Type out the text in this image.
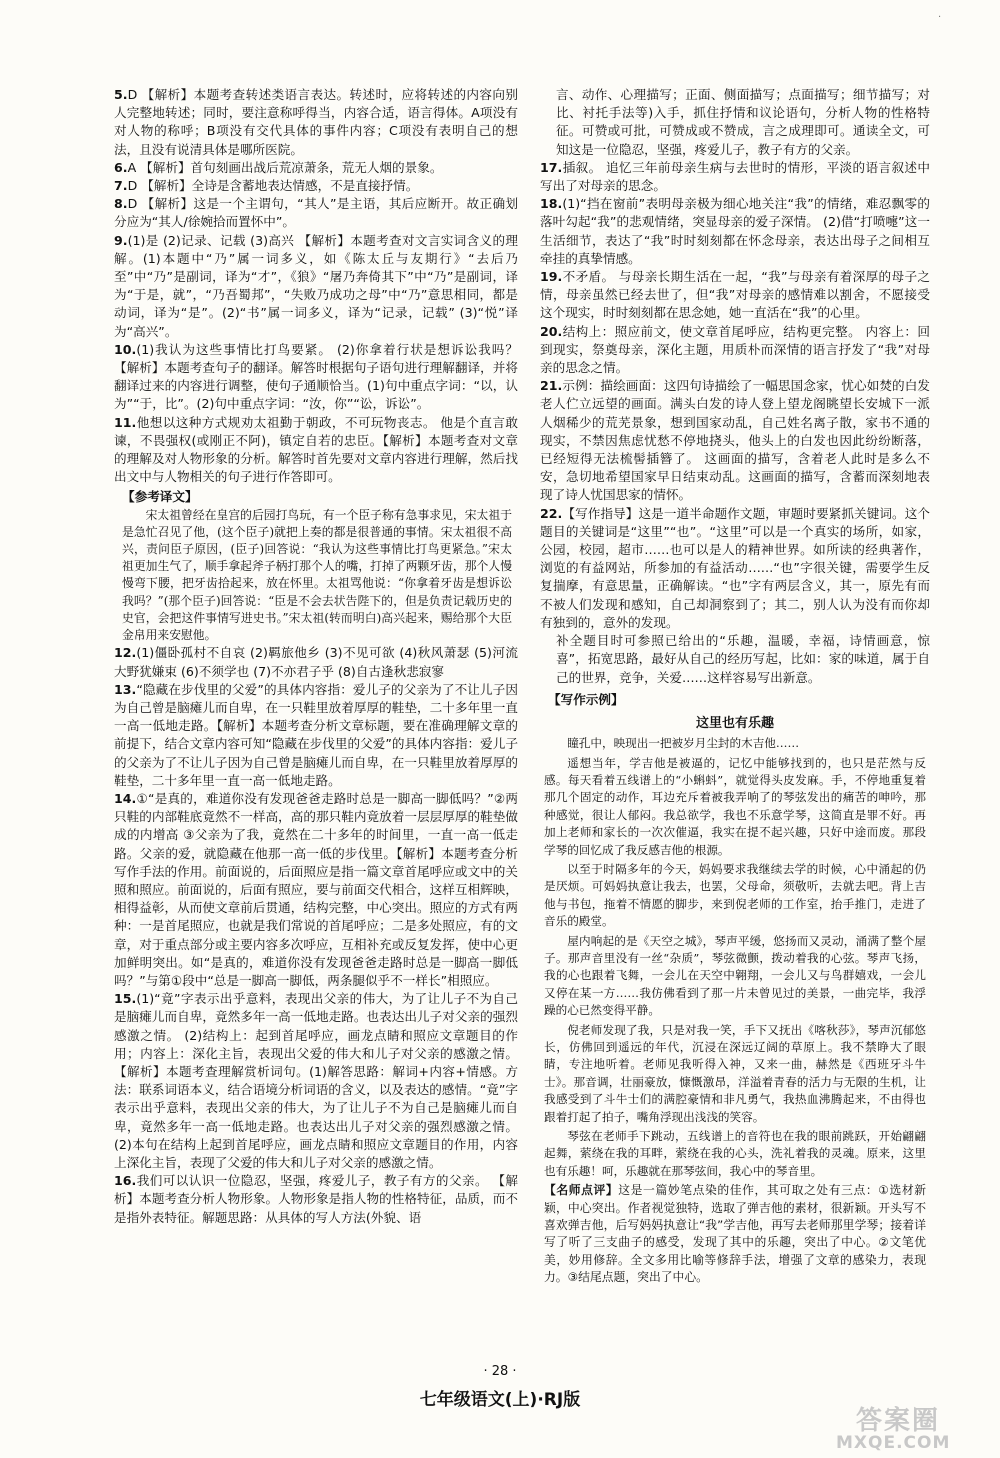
·
5.D 【解析】本题考查转述类语言表达。转述时，应将转述的内容向别人完整地转述；同时，要注意称呼得当，内容合适，语言得体。A项没有对人物的称呼；B项没有交代具体的事件内容；C项没有表明自己的想法，且没有说清具体是哪所医院。
6.A 【解析】首句刻画出战后荒凉萧条，荒无人烟的景象。
7.D 【解析】全诗是含蓄地表达情感，不是直接抒情。
8.D 【解析】这是一个主谓句，“其人”是主语，其后应断开。故正确划分应为“其人/徐婉拾而置怀中”。
9.(1)是 (2)记录、记载 (3)高兴 【解析】本题考查对文言实词含义的理解。(1)本题中“乃”属一词多义，如《陈太丘与友期行》“去后乃至”中“乃”是副词，译为“才”，《狼》“屠乃奔倚其下”中“乃”是副词，译为“于是，就”，“乃吾蜀邦”，“失败乃成功之母”中“乃”意思相同，都是动词，译为“是”。(2)“书”属一词多义，译为“记录，记载” (3)“悦”译为“高兴”。
10.(1)我认为这些事情比打鸟要紧。 (2)你拿着行状是想诉讼我吗？ 【解析】本题考查句子的翻译。解答时根据句子语句进行理解翻译，并将翻译过来的内容进行调整，使句子通顺恰当。(1)句中重点字词：“以，认为”“于，比”。(2)句中重点字词：“汝，你”“讼，诉讼”。
11.他想以这种方式规劝太祖勤于朝政，不可玩物丧志。 他是个直言敢谏，不畏强权(或刚正不阿)，镇定自若的忠臣。【解析】本题考查对文章的理解及对人物形象的分析。解答时首先要对文章内容进行理解，然后找出文中与人物相关的句子进行作答即可。
【参考译文】
宋太祖曾经在皇宫的后园打鸟玩，有一个臣子称有急事求见，宋太祖于是急忙召见了他，(这个臣子)就把上奏的都是很普通的事情。宋太祖很不高兴，责问臣子原因，(臣子)回答说：“我认为这些事情比打鸟更紧急。”宋太祖更加生气了，顺手拿起斧子柄打那个人的嘴，打掉了两颗牙齿，那个人慢慢弯下腰，把牙齿拾起来，放在怀里。太祖骂他说：“你拿着牙齿是想诉讼我吗？”(那个臣子)回答说：“臣是不会去状告陛下的，但是负责记载历史的史官，会把这件事情写进史书。”宋太祖(转而明白)高兴起来，赐给那个大臣金帛用来安慰他。
12.(1)僵卧孤村不自哀 (2)羁旅他乡 (3)不见可欲 (4)秋风萧瑟 (5)河流大野犹嫌束 (6)不须学也 (7)不亦君子乎 (8)自古逢秋悲寂寥
13.“隐藏在步伐里的父爱”的具体内容指：爱儿子的父亲为了不让儿子因为自己曾是脑瘫儿而自卑，在一只鞋里放着厚厚的鞋垫，二十多年里一直一高一低地走路。【解析】本题考查分析文章标题，要在准确理解文章的前提下，结合文章内容可知“隐藏在步伐里的父爱”的具体内容指：爱儿子的父亲为了不让儿子因为自己曾是脑瘫儿而自卑，在一只鞋里放着厚厚的鞋垫，二十多年里一直一高一低地走路。
14.①“是真的，难道你没有发现爸爸走路时总是一脚高一脚低吗？”②两只鞋的内部鞋底竟然不一样高，高的那只鞋内竟放着一层层厚厚的鞋垫做成的内增高 ③父亲为了我，竟然在二十多年的时间里，一直一高一低走路。父亲的爱，就隐藏在他那一高一低的步伐里。【解析】本题考查分析写作手法的作用。前面说的，后面照应是指一篇文章首尾呼应或文中的关照和照应。前面说的，后面有照应，要与前面交代相合，这样互相辉映，相得益彰，从而使文章前后贯通，结构完整，中心突出。照应的方式有两种：一是首尾照应，也就是我们常说的首尾呼应；二是多处照应，有的文章，对于重点部分或主要内容多次呼应，互相补充或反复发挥，使中心更加鲜明突出。如“是真的，难道你没有发现爸爸走路时总是一脚高一脚低吗？”与第①段中“总是一脚高一脚低，两条腿似乎不一样长”相照应。
15.(1)“竟”字表示出乎意料，表现出父亲的伟大，为了让儿子不为自己是脑瘫儿而自卑，竟然多年一高一低地走路。也表达出儿子对父亲的强烈感激之情。 (2)结构上：起到首尾呼应，画龙点睛和照应文章题目的作用；内容上：深化主旨，表现出父爱的伟大和儿子对父亲的感激之情。【解析】本题考查理解赏析词句。(1)解答思路：解词+内容+情感。方法：联系词语本义，结合语境分析词语的含义，以及表达的感情。“竟”字表示出乎意料，表现出父亲的伟大，为了让儿子不为自己是脑瘫儿而自卑，竟然多年一高一低地走路。也表达出儿子对父亲的强烈感激之情。(2)本句在结构上起到首尾呼应，画龙点睛和照应文章题目的作用，内容上深化主旨，表现了父爱的伟大和儿子对父亲的感激之情。
16.我们可以认识一位隐忍，坚强，疼爱儿子，教子有方的父亲。 【解析】本题考查分析人物形象。人物形象是指人物的性格特征，品质，而不是指外表特征。解题思路：从具体的写人方法(外貌、语
言、动作、心理描写；正面、侧面描写；点面描写；细节描写；对比、衬托手法等)入手，抓住抒情和议论语句，分析人物的性格特征。可赞或可批，可赞成或不赞成，言之成理即可。通读全文，可知这是一位隐忍，坚强，疼爱儿子，教子有方的父亲。
17.插叙。 追忆三年前母亲生病与去世时的情形，平淡的语言叙述中写出了对母亲的思念。
18.(1)“挡在窗前”表明母亲极为细心地关注“我”的情绪，难忍飘零的落叶勾起“我”的悲观情绪，突显母亲的爱子深情。 (2)借“打喷嚏”这一生活细节，表达了“我”时时刻刻都在怀念母亲，表达出母子之间相互牵挂的真挚情感。
19.不矛盾。 与母亲长期生活在一起，“我”与母亲有着深厚的母子之情，母亲虽然已经去世了，但“我”对母亲的感情难以割舍，不愿接受这个现实，时时刻刻都在思念她，她一直活在“我”的心里。
20.结构上：照应前文，使文章首尾呼应，结构更完整。 内容上：回到现实，祭奠母亲，深化主题，用质朴而深情的语言抒发了“我”对母亲的思念之情。
21.示例：描绘画面：这四句诗描绘了一幅思国念家，忧心如焚的白发老人伫立远望的画面。满头白发的诗人登上望龙阁眺望长安城下一派人烟稀少的荒芜景象，想到国家动乱，自己姓名离子散，家书不通的现实，不禁因焦虑忧愁不停地挠头，他头上的白发也因此纷纷断落，已经短得无法梳髻插簪了。 这画面的描写，含着老人此时是多么不安，急切地希望国家早日结束动乱。这画面的描写，含蓄而深刻地表现了诗人忧国思家的情怀。
22.【写作指导】这是一道半命题作文题，审题时要紧抓关键词。这个题目的关键词是“这里”“也”。“这里”可以是一个真实的场所，如家，公园，校园，超市……也可以是人的精神世界。如所读的经典著作，浏览的有益网站，所参加的有益活动……“也”字很关键，需要学生反复揣摩，有意思量，正确解读。“也”字有两层含义，其一，原先有而不被人们发现和感知，自己却洞察到了；其二，别人认为没有而你却有独到的，意外的发现。
补全题目时可参照已给出的“乐趣，温暖，幸福，诗情画意，惊喜”，拓宽思路，最好从自己的经历写起，比如：家的味道，属于自己的世界，竞争，关爱……这样容易写出新意。
【写作示例】
这里也有乐趣

瞳孔中，映现出一把被岁月尘封的木吉他……

遥想当年，学吉他是被逼的，记忆中能够找到的，也只是茫然与反感。每天看着五线谱上的“小蝌蚪”，就觉得头皮发麻。手，不停地重复着那几个固定的动作，耳边充斥着被我弄响了的琴弦发出的痛苦的呻吟，那种感觉，很让人郁闷。我总欲学，我也不乐意学琴，这简直是罪不好。再加上老师和家长的一次次催逼，我实在提不起兴趣，只好中途而废。那段学琴的回忆成了我反感吉他的根源。

以至于时隔多年的今天，妈妈要求我继续去学的时候，心中涌起的仍是厌烦。可妈妈执意让我去，也罢，父母命，须敬听，去就去吧。背上吉他与书包，拖着不情愿的脚步，来到倪老师的工作室，抬手推门，走进了音乐的殿堂。

屋内响起的是《天空之城》，琴声平缓，悠扬而又灵动，涌满了整个屋子。那声音里没有一丝“杂质”，琴弦微颤，拨动着我的心弦。琴声飞扬，我的心也跟着飞舞，一会儿在天空中翱翔，一会儿又与鸟群嬉戏，一会儿又停在某一方……我仿佛看到了那一片未曾见过的美景，一曲完毕，我浮躁的心已然变得平静。

倪老师发现了我，只是对我一笑，手下又抚出《喀秋莎》，琴声沉郁悠长，仿佛回到遥远的年代，沉浸在深远辽阔的草原上。我不禁睁大了眼睛，专注地听着。老师见我听得入神，又来一曲，赫然是《西班牙斗牛士》。那音调，壮丽豪放，慷慨激昂，洋溢着青春的活力与无限的生机，让我感受到了斗牛士们的满腔豪情和非凡勇气，我热血沸腾起来，不由得也跟着打起了拍子，嘴角浮现出浅浅的笑容。

琴弦在老师手下跳动，五线谱上的音符也在我的眼前跳跃，开始翩翩起舞，萦绕在我的耳畔，萦绕在我的心头，洗礼着我的灵魂。原来，这里也有乐趣！呵，乐趣就在那琴弦间，我心中的琴音里。

【名师点评】这是一篇妙笔点染的佳作，其可取之处有三点：①选材新颖，中心突出。作者视觉独特，选取了弹吉他的素材，很新颖。开头写不喜欢弹吉他，后写妈妈执意让“我”学吉他，再写去老师那里学琴；接着详写了听了三支曲子的感受，发现了其中的乐趣，突出了中心。②文笔优美，妙用修辞。全文多用比喻等修辞手法，增强了文章的感染力，表现力。③结尾点题，突出了中心。
· 28 ·
七年级语文(上)·RJ版
答案圈
MXQE.COM
